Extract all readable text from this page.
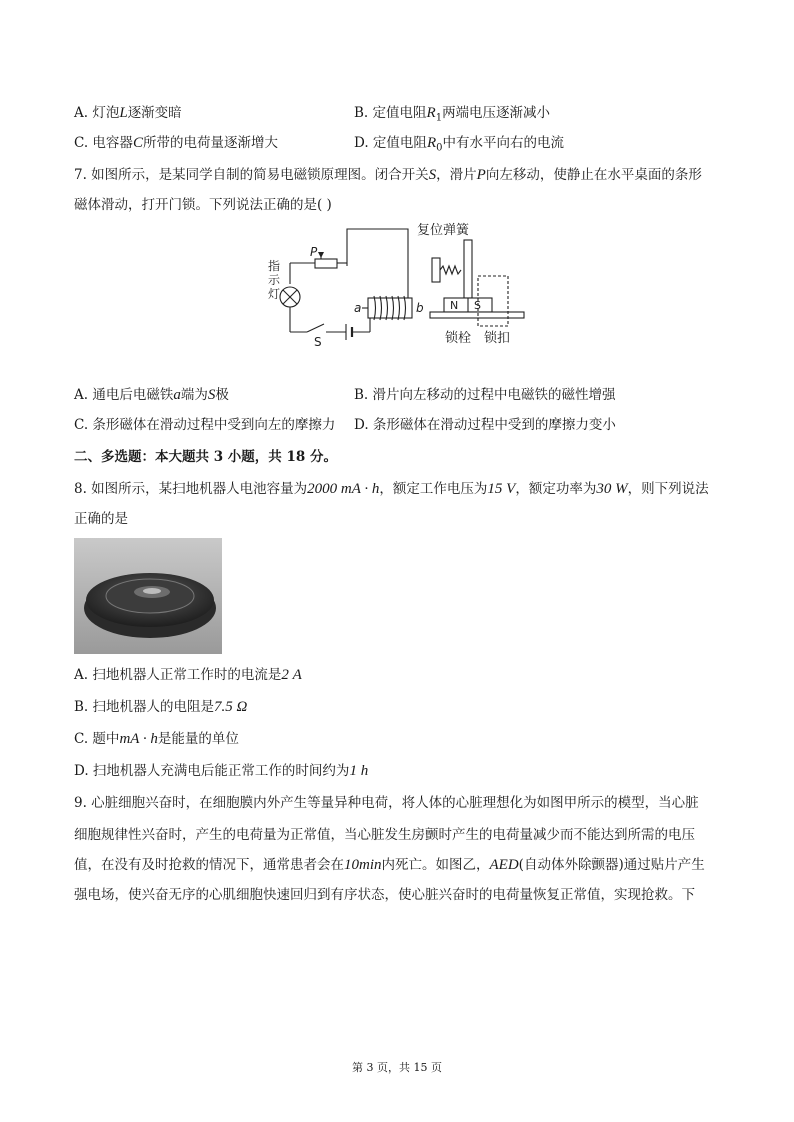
A. 灯泡L逐渐变暗	B. 定值电阻$R_1$两端电压逐渐减小
C. 电容器C所带的电荷量逐渐增大	D. 定值电阻$R_0$中有水平向右的电流
7. 如图所示，是某同学自制的简易电磁锁原理图。闭合开关S，滑片P向左移动，使静止在水平桌面的条形
磁体滑动，打开门锁。下列说法正确的是( )
复位弹簧
指
示
灯
P
a	b
S
N S
锁栓 锁扣
A. 通电后电磁铁a端为S极	B. 滑片向左移动的过程中电磁铁的磁性增强
C. 条形磁体在滑动过程中受到向左的摩擦力 D. 条形磁体在滑动过程中受到的摩擦力变小
二、多选题：本大题共 3 小题，共 18 分。
8. 如图所示，某扫地机器人电池容量为2000 mA · h，额定工作电压为15 V，额定功率为30 W，则下列说法
正确的是
A. 扫地机器人正常工作时的电流是2 A
B. 扫地机器人的电阻是7.5 Ω
C. 题中mA · h是能量的单位
D. 扫地机器人充满电后能正常工作的时间约为1 h
9. 心脏细胞兴奋时，在细胞膜内外产生等量异种电荷，将人体的心脏理想化为如图甲所示的模型，当心脏
细胞规律性兴奋时，产生的电荷量为正常值，当心脏发生房颤时产生的电荷量减少而不能达到所需的电压
值，在没有及时抢救的情况下，通常患者会在10min内死亡。如图乙，AED(自动体外除颤器)通过贴片产生
强电场，使兴奋无序的心肌细胞快速回归到有序状态，使心脏兴奋时的电荷量恢复正常值，实现抢救。下
第 3 页，共 15 页
